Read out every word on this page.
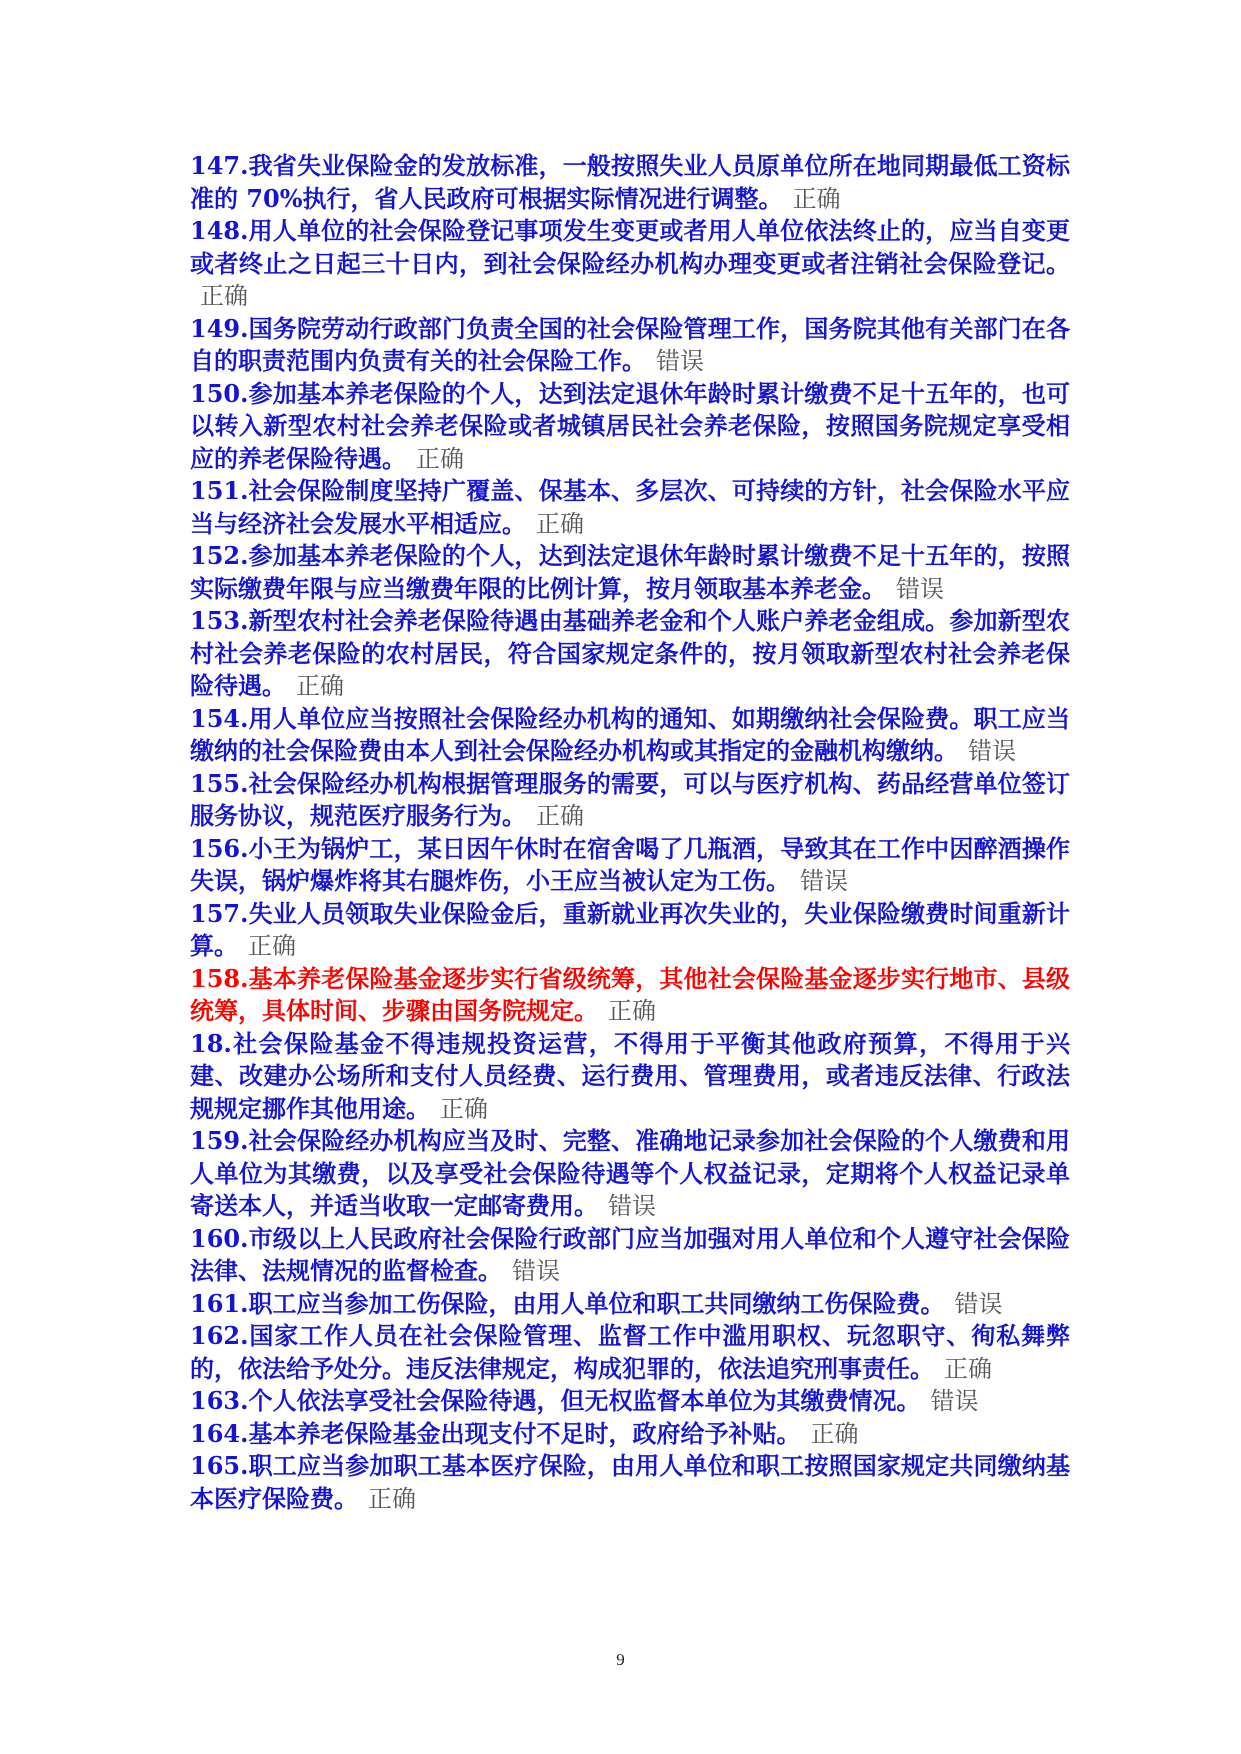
147.我省失业保险金的发放标准，一般按照失业人员原单位所在地同期最低工资标准的 70%执行，省人民政府可根据实际情况进行调整。 正确

148.用人单位的社会保险登记事项发生变更或者用人单位依法终止的，应当自变更或者终止之日起三十日内，到社会保险经办机构办理变更或者注销社会保险登记。正确

149.国务院劳动行政部门负责全国的社会保险管理工作，国务院其他有关部门在各自的职责范围内负责有关的社会保险工作。 错误

150.参加基本养老保险的个人，达到法定退休年龄时累计缴费不足十五年的，也可以转入新型农村社会养老保险或者城镇居民社会养老保险，按照国务院规定享受相应的养老保险待遇。 正确

151.社会保险制度坚持广覆盖、保基本、多层次、可持续的方针，社会保险水平应当与经济社会发展水平相适应。 正确

152.参加基本养老保险的个人，达到法定退休年龄时累计缴费不足十五年的，按照实际缴费年限与应当缴费年限的比例计算，按月领取基本养老金。 错误

153.新型农村社会养老保险待遇由基础养老金和个人账户养老金组成。参加新型农村社会养老保险的农村居民，符合国家规定条件的，按月领取新型农村社会养老保险待遇。 正确

154.用人单位应当按照社会保险经办机构的通知、如期缴纳社会保险费。职工应当缴纳的社会保险费由本人到社会保险经办机构或其指定的金融机构缴纳。 错误

155.社会保险经办机构根据管理服务的需要，可以与医疗机构、药品经营单位签订服务协议，规范医疗服务行为。 正确

156.小王为锅炉工，某日因午休时在宿舍喝了几瓶酒，导致其在工作中因醉酒操作失误，锅炉爆炸将其右腿炸伤，小王应当被认定为工伤。 错误

157.失业人员领取失业保险金后，重新就业再次失业的，失业保险缴费时间重新计算。 正确

158.基本养老保险基金逐步实行省级统筹，其他社会保险基金逐步实行地市、县级统筹，具体时间、步骤由国务院规定。 正确

18.社会保险基金不得违规投资运营，不得用于平衡其他政府预算，不得用于兴建、改建办公场所和支付人员经费、运行费用、管理费用，或者违反法律、行政法规规定挪作其他用途。 正确

159.社会保险经办机构应当及时、完整、准确地记录参加社会保险的个人缴费和用人单位为其缴费，以及享受社会保险待遇等个人权益记录，定期将个人权益记录单寄送本人，并适当收取一定邮寄费用。 错误

160.市级以上人民政府社会保险行政部门应当加强对用人单位和个人遵守社会保险法律、法规情况的监督检查。 错误

161.职工应当参加工伤保险，由用人单位和职工共同缴纳工伤保险费。 错误

162.国家工作人员在社会保险管理、监督工作中滥用职权、玩忽职守、徇私舞弊的，依法给予处分。违反法律规定，构成犯罪的，依法追究刑事责任。 正确

163.个人依法享受社会保险待遇，但无权监督本单位为其缴费情况。 错误

164.基本养老保险基金出现支付不足时，政府给予补贴。 正确

165.职工应当参加职工基本医疗保险，由用人单位和职工按照国家规定共同缴纳基本医疗保险费。 正确

9
